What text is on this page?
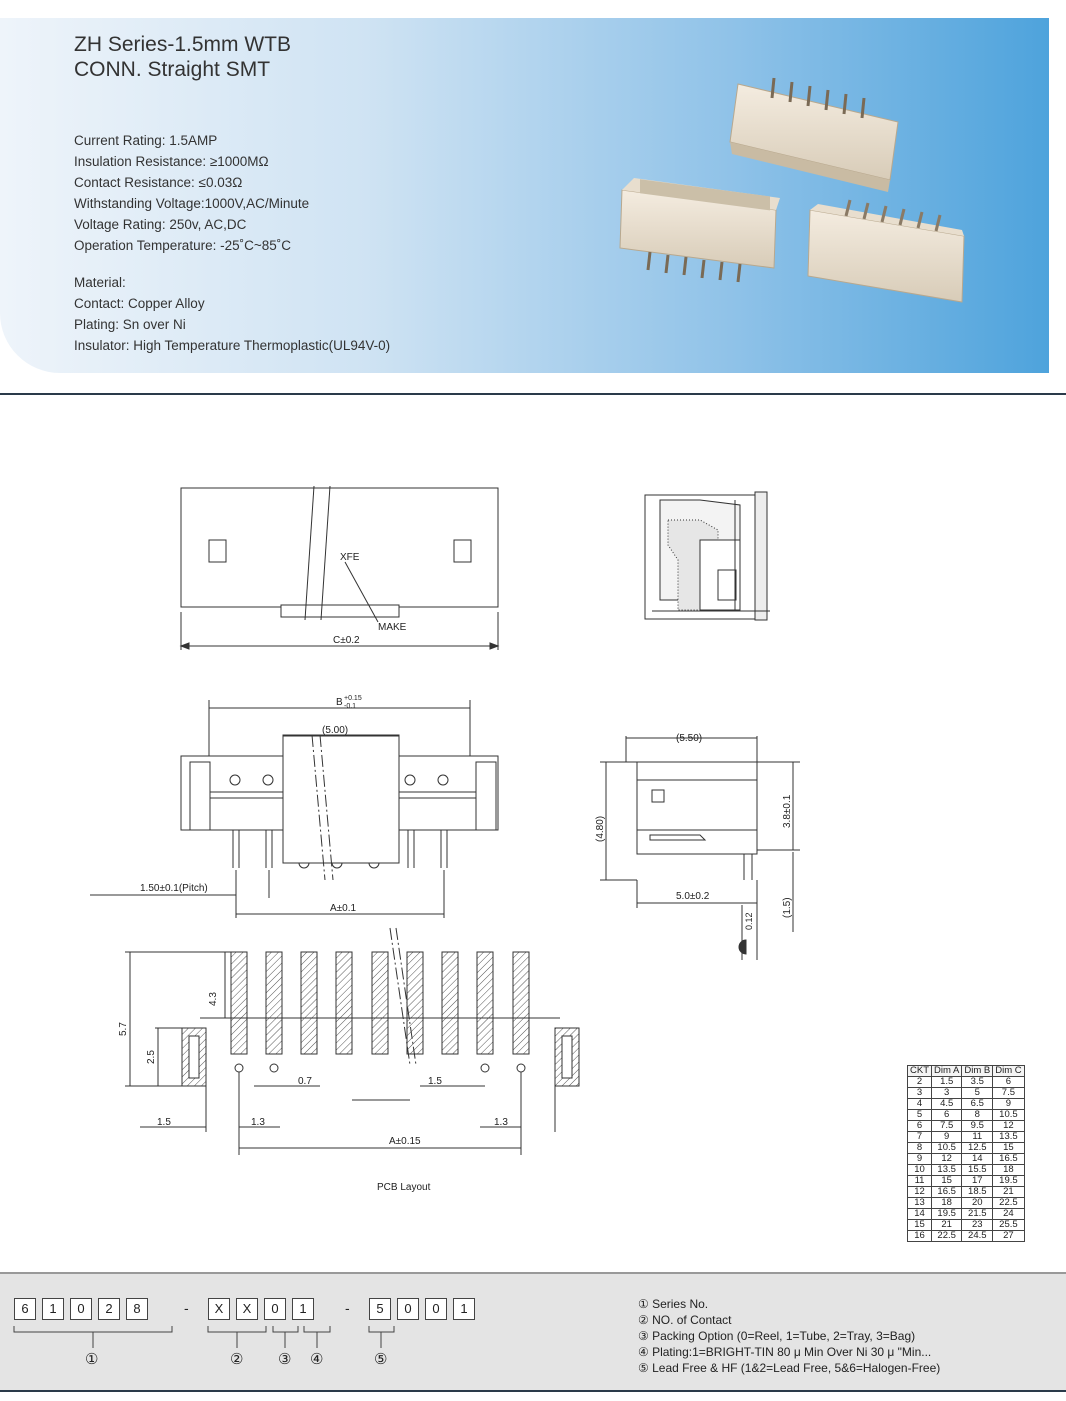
ZH Series-1.5mm WTB
CONN. Straight SMT
Current Rating: 1.5AMP
Insulation Resistance: ≥1000MΩ
Contact Resistance: ≤0.03Ω
Withstanding Voltage:1000V,AC/Minute
Voltage Rating: 250v, AC,DC
Operation Temperature: -25˚C~85˚C
Material:
Contact: Copper Alloy
Plating: Sn over Ni
Insulator: High Temperature Thermoplastic(UL94V-0)
XFE
MAKE
C±0.2
B +0.15
-0.1
(5.00)
1.50±0.1(Pitch)
A±0.1
(5.50)
(4.80)
3.8±0.1
5.0±0.2
(1.5)
0.12
5.7
4.3
2.5
0.7	1.5
1.5	1.3	1.3
A±0.15
PCB Layout
CKT	Dim A	Dim B	Dim C
2	1.5	3.5	6
3	3	5	7.5
4	4.5	6.5	9
5	6	8	10.5
6	7.5	9.5	12
7	9	11	13.5
8	10.5	12.5	15
9	12	14	16.5
10	13.5	15.5	18
11	15	17	19.5
12	16.5	18.5	21
13	18	20	22.5
14	19.5	21.5	24
15	21	23	25.5
16	22.5	24.5	27
6	1	0	2	8	-	X	X	0	1	-	5	0	0	1
①	② ③ ④	⑤
① Series No.
② NO. of Contact
③ Packing Option (0=Reel, 1=Tube, 2=Tray, 3=Bag)
④ Plating:1=BRIGHT-TIN 80 μ Min Over Ni 30 μ "Min...
⑤ Lead Free & HF (1&2=Lead Free, 5&6=Halogen-Free)
